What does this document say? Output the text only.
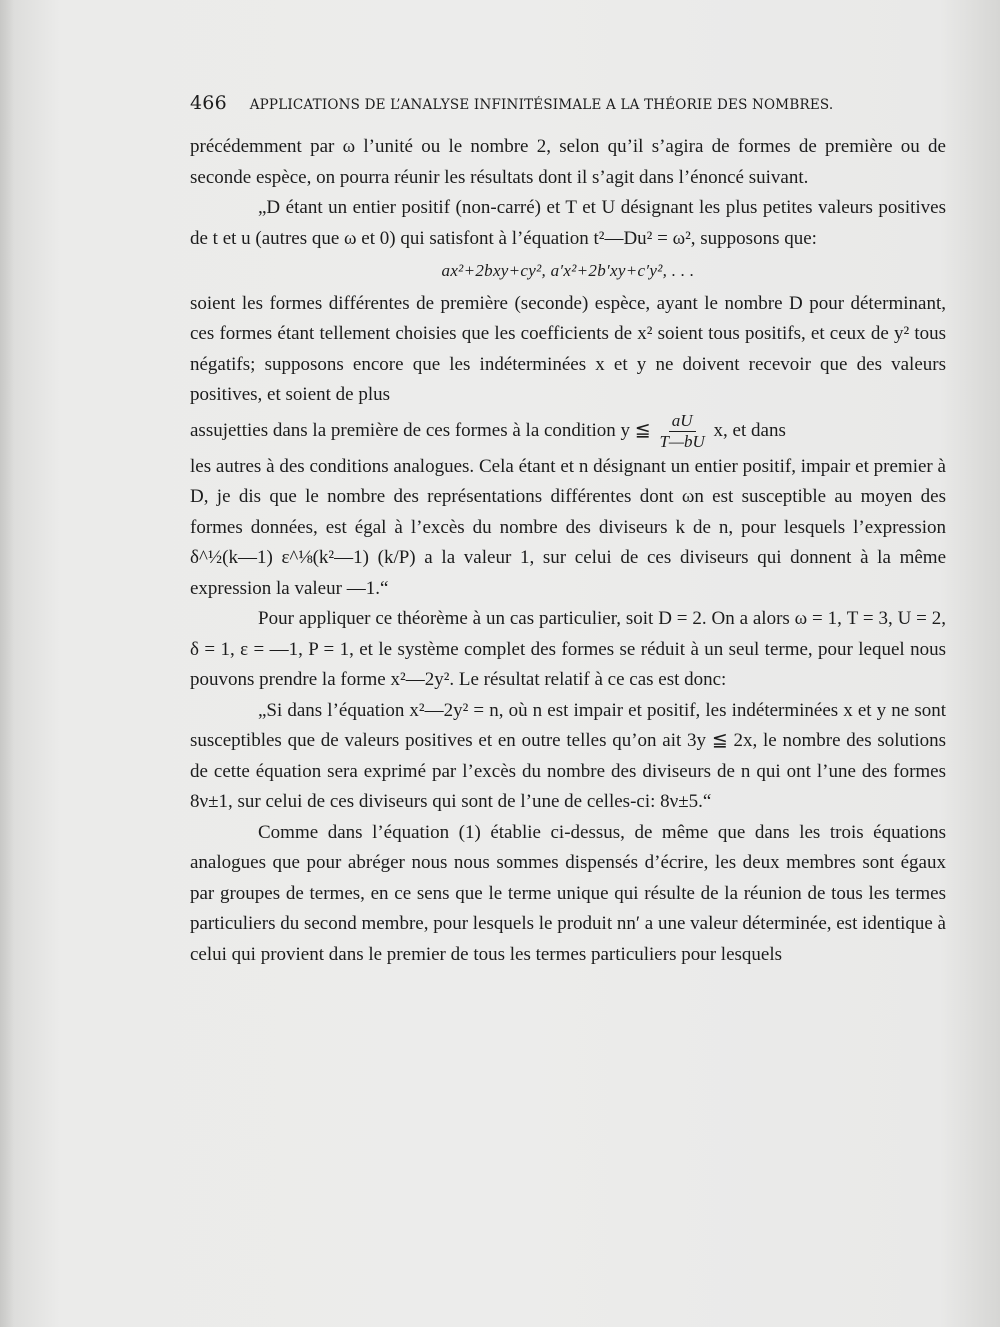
466 APPLICATIONS DE L’ANALYSE INFINITÉSIMALE A LA THÉORIE DES NOMBRES.

précédemment par ω l’unité ou le nombre 2, selon qu’il s’agira de formes de première ou de seconde espèce, on pourra réunir les résultats dont il s’agit dans l’énoncé suivant.

„D étant un entier positif (non-carré) et T et U désignant les plus petites valeurs positives de t et u (autres que ω et 0) qui satisfont à l’équation t²—Du² = ω², supposons que:

ax²+2bxy+cy², a′x²+2b′xy+c′y², . . .

soient les formes différentes de première (seconde) espèce, ayant le nombre D pour déterminant, ces formes étant tellement choisies que les coefficients de x² soient tous positifs, et ceux de y² tous négatifs; supposons encore que les indéterminées x et y ne doivent recevoir que des valeurs positives, et soient de plus

assujetties dans la première de ces formes à la condition y ≦ $\frac{aU}{T—bU} x$, et dans

les autres à des conditions analogues. Cela étant et n désignant un entier positif, impair et premier à D, je dis que le nombre des représentations différentes dont ωn est susceptible au moyen des formes données, est égal à l’excès du nombre des diviseurs k de n, pour lesquels l’expression δ^½(k—1) ε^⅛(k²—1) (k/P) a la valeur 1, sur celui de ces diviseurs qui donnent à la même expression la valeur —1.“

Pour appliquer ce théorème à un cas particulier, soit D = 2. On a alors ω = 1, T = 3, U = 2, δ = 1, ε = —1, P = 1, et le système complet des formes se réduit à un seul terme, pour lequel nous pouvons prendre la forme x²—2y². Le résultat relatif à ce cas est donc:

„Si dans l’équation x²—2y² = n, où n est impair et positif, les indéterminées x et y ne sont susceptibles que de valeurs positives et en outre telles qu’on ait 3y ≦ 2x, le nombre des solutions de cette équation sera exprimé par l’excès du nombre des diviseurs de n qui ont l’une des formes 8ν±1, sur celui de ces diviseurs qui sont de l’une de celles-ci: 8ν±5.“

Comme dans l’équation (1) établie ci-dessus, de même que dans les trois équations analogues que pour abréger nous nous sommes dispensés d’écrire, les deux membres sont égaux par groupes de termes, en ce sens que le terme unique qui résulte de la réunion de tous les termes particuliers du second membre, pour lesquels le produit nn′ a une valeur déterminée, est identique à celui qui provient dans le premier de tous les termes particuliers pour lesquels
